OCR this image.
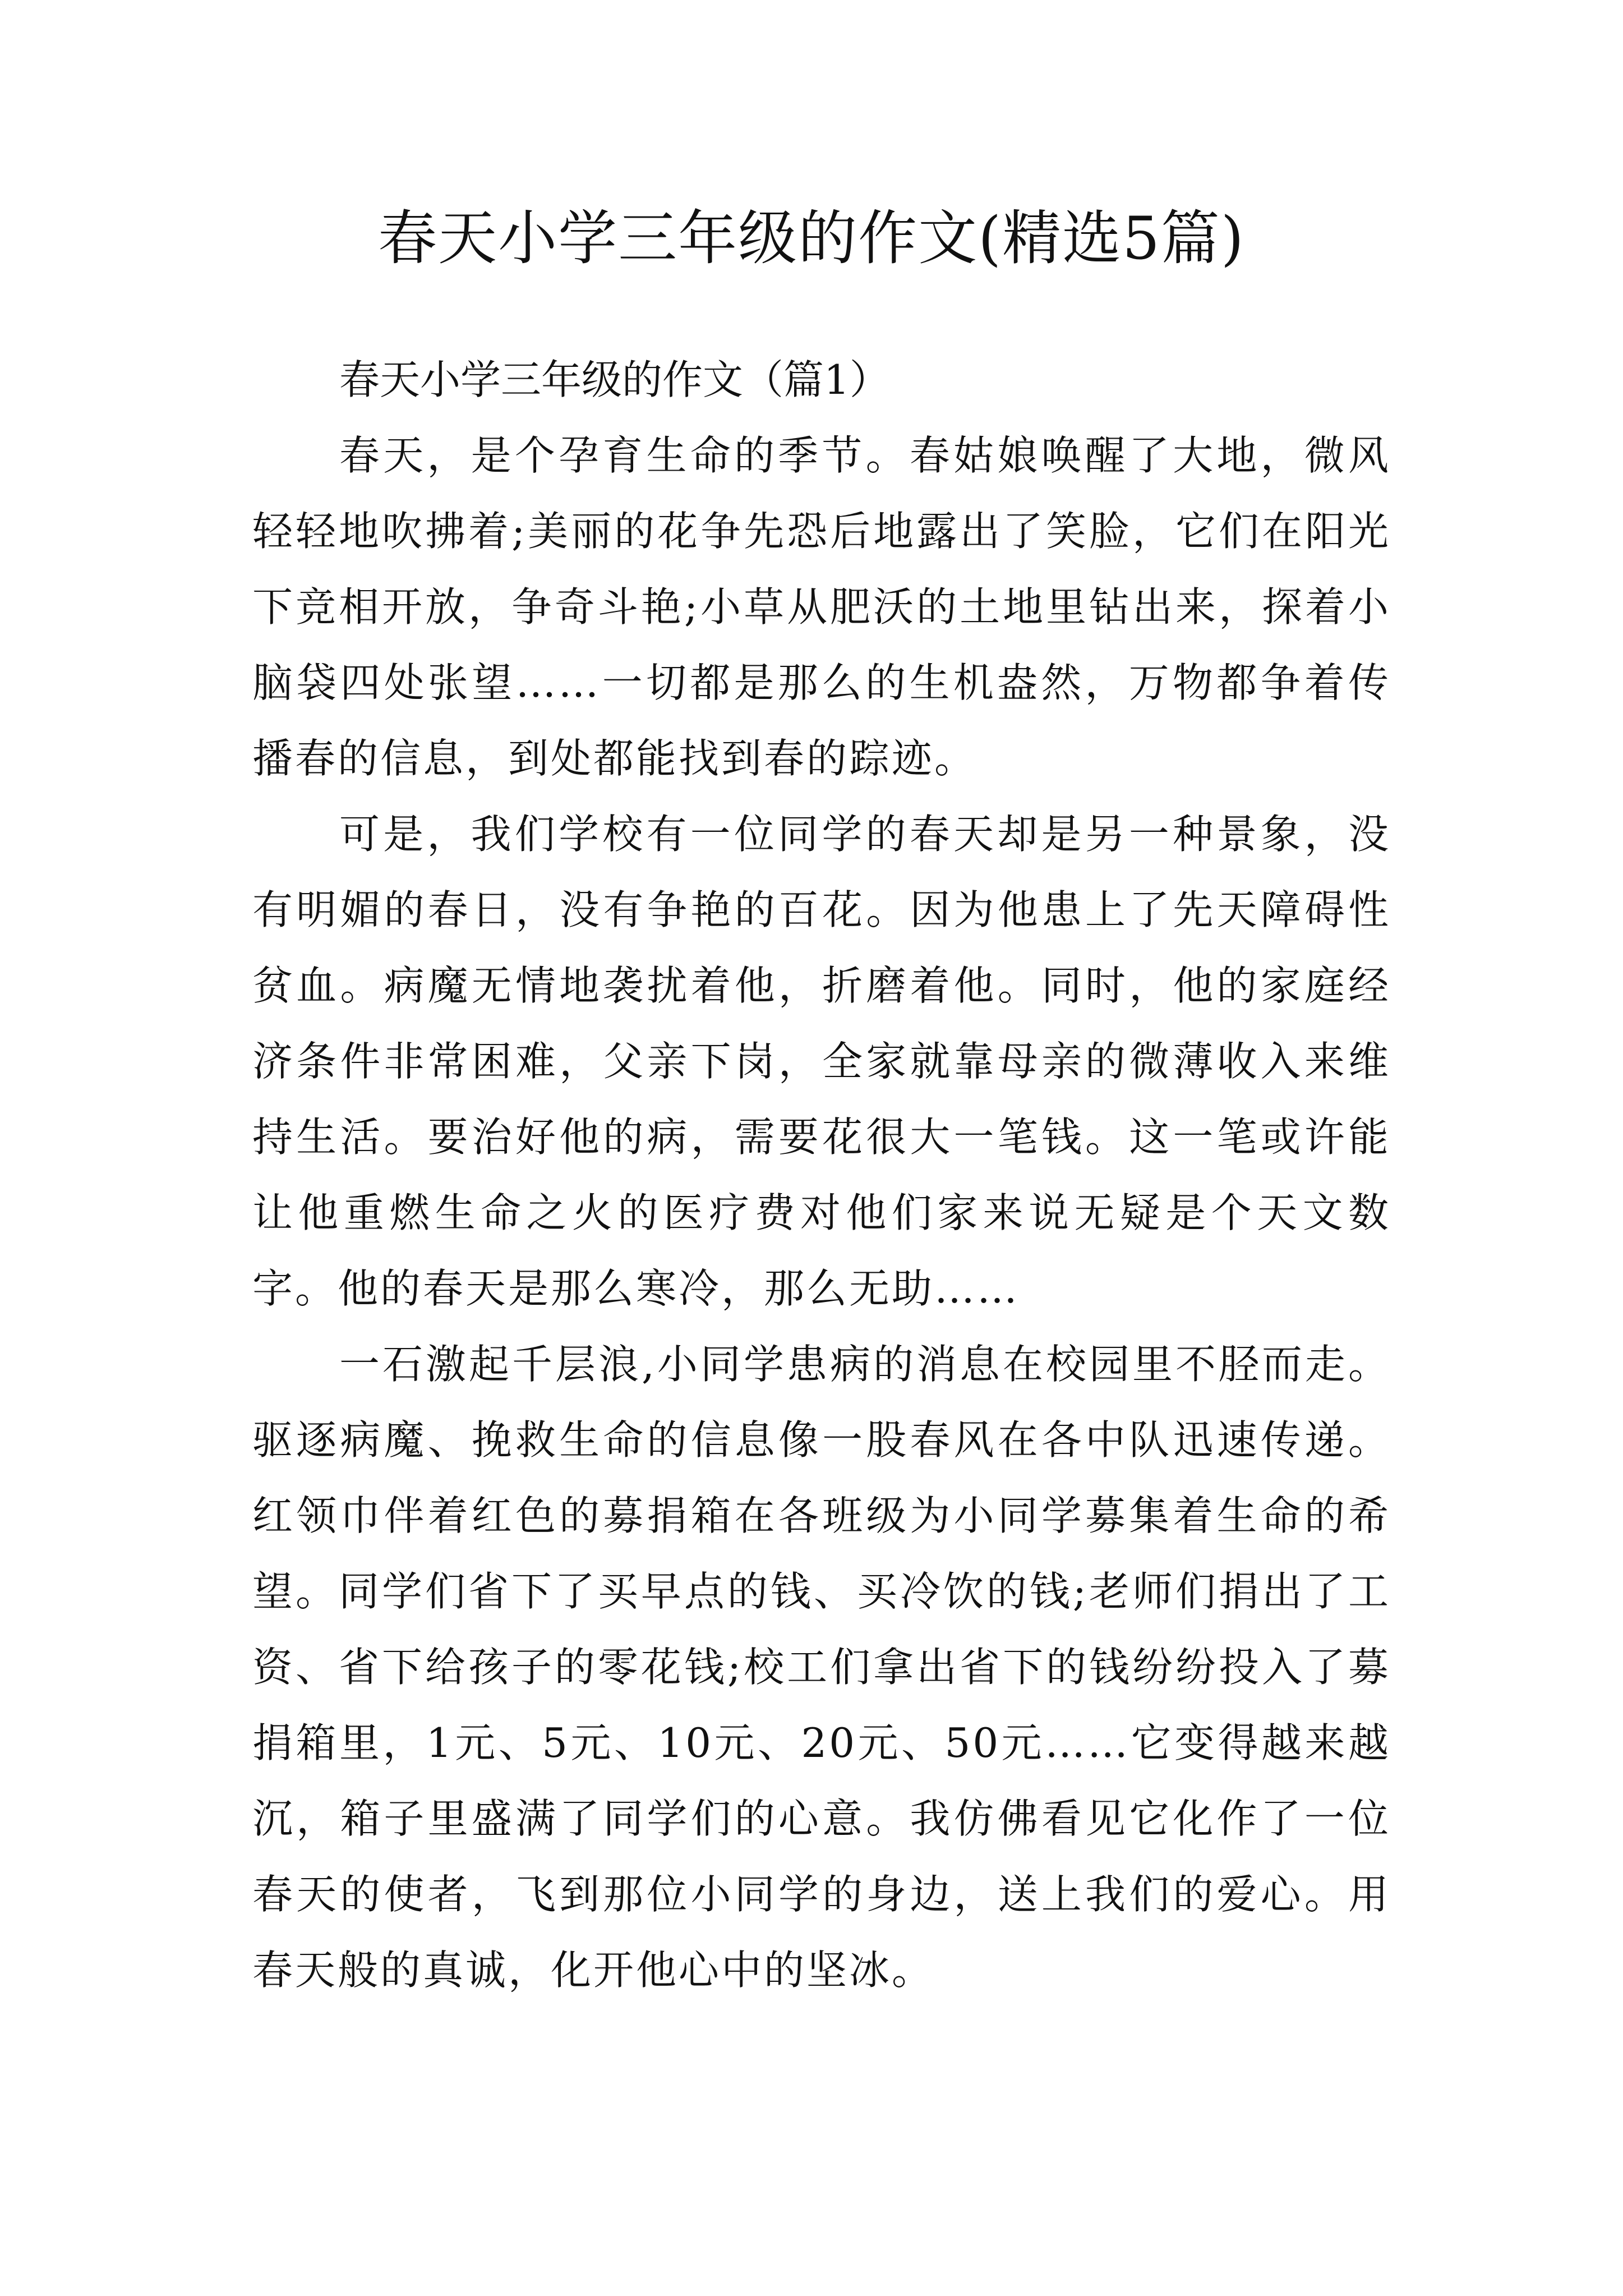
春天小学三年级的作文(精选5篇)

春天小学三年级的作文（篇1）

春天，是个孕育生命的季节。春姑娘唤醒了大地，微风轻轻地吹拂着;美丽的花争先恐后地露出了笑脸，它们在阳光下竞相开放，争奇斗艳;小草从肥沃的土地里钻出来，探着小脑袋四处张望……一切都是那么的生机盎然，万物都争着传播春的信息，到处都能找到春的踪迹。

可是，我们学校有一位同学的春天却是另一种景象，没有明媚的春日，没有争艳的百花。因为他患上了先天障碍性贫血。病魔无情地袭扰着他，折磨着他。同时，他的家庭经济条件非常困难，父亲下岗，全家就靠母亲的微薄收入来维持生活。要治好他的病，需要花很大一笔钱。这一笔或许能让他重燃生命之火的医疗费对他们家来说无疑是个天文数字。他的春天是那么寒冷，那么无助……

一石激起千层浪,小同学患病的消息在校园里不胫而走。驱逐病魔、挽救生命的信息像一股春风在各中队迅速传递。红领巾伴着红色的募捐箱在各班级为小同学募集着生命的希望。同学们省下了买早点的钱、买冷饮的钱;老师们捐出了工资、省下给孩子的零花钱;校工们拿出省下的钱纷纷投入了募捐箱里，1元、5元、10元、20元、50元……它变得越来越沉，箱子里盛满了同学们的心意。我仿佛看见它化作了一位春天的使者，飞到那位小同学的身边，送上我们的爱心。用春天般的真诚，化开他心中的坚冰。
